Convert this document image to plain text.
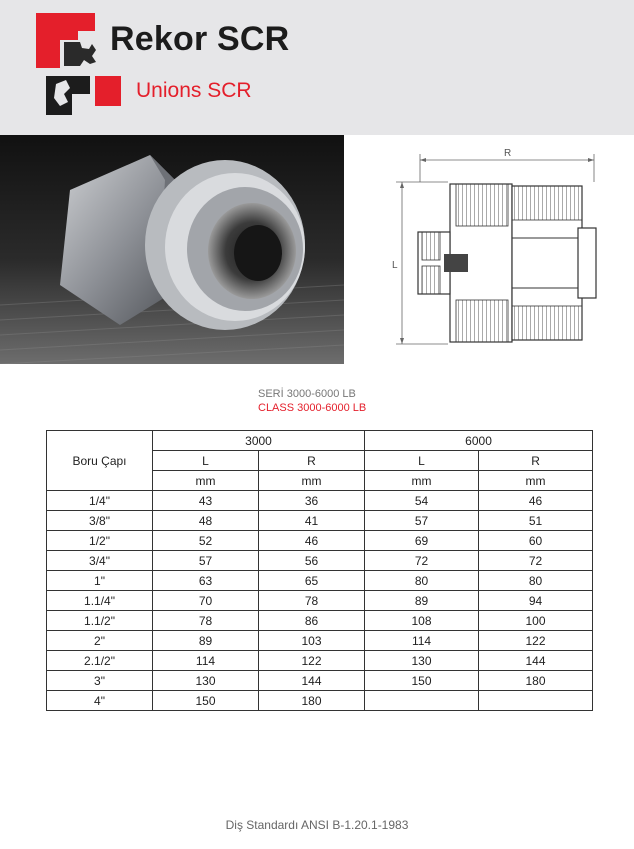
Rekor SCR
Unions SCR
R
L
SERİ 3000-6000 LB
CLASS 3000-6000 LB
Boru Çapı	3000		6000	
	L	R	L	R
	mm	mm	mm	mm
1/4"	43	36	54	46
3/8"	48	41	57	51
1/2"	52	46	69	60
3/4"	57	56	72	72
1"	63	65	80	80
1.1/4"	70	78	89	94
1.1/2"	78	86	108	100
2"	89	103	114	122
2.1/2"	114	122	130	144
3"	130	144	150	180
4"	150	180		
Diş Standardı ANSI B-1.20.1-1983
